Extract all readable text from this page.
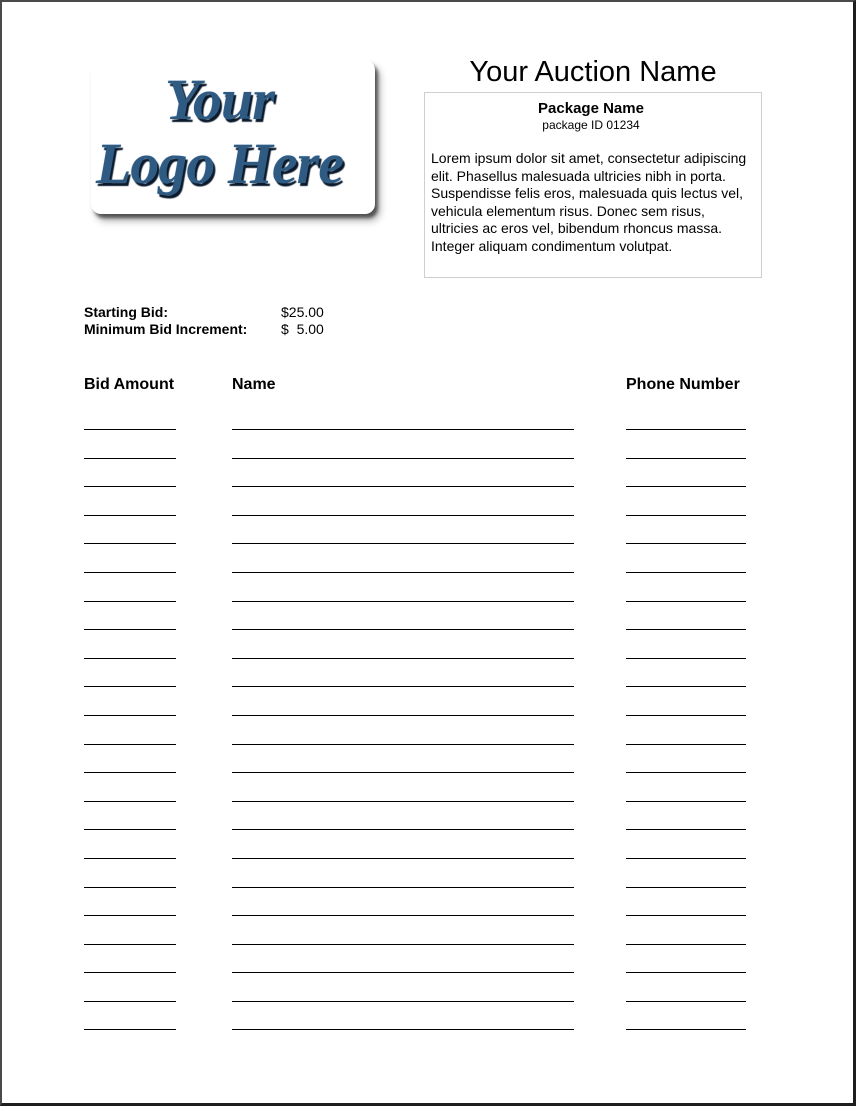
Your
Logo Here
Your Auction Name
Package Name
package ID 01234
Lorem ipsum dolor sit amet, consectetur adipiscing elit. Phasellus malesuada ultricies nibh in porta. Suspendisse felis eros, malesuada quis lectus vel, vehicula elementum risus. Donec sem risus, ultricies ac eros vel, bibendum rhoncus massa. Integer aliquam condimentum volutpat.
Starting Bid:	$25.00
Minimum Bid Increment: $  5.00
Bid Amount	Name	Phone Number
